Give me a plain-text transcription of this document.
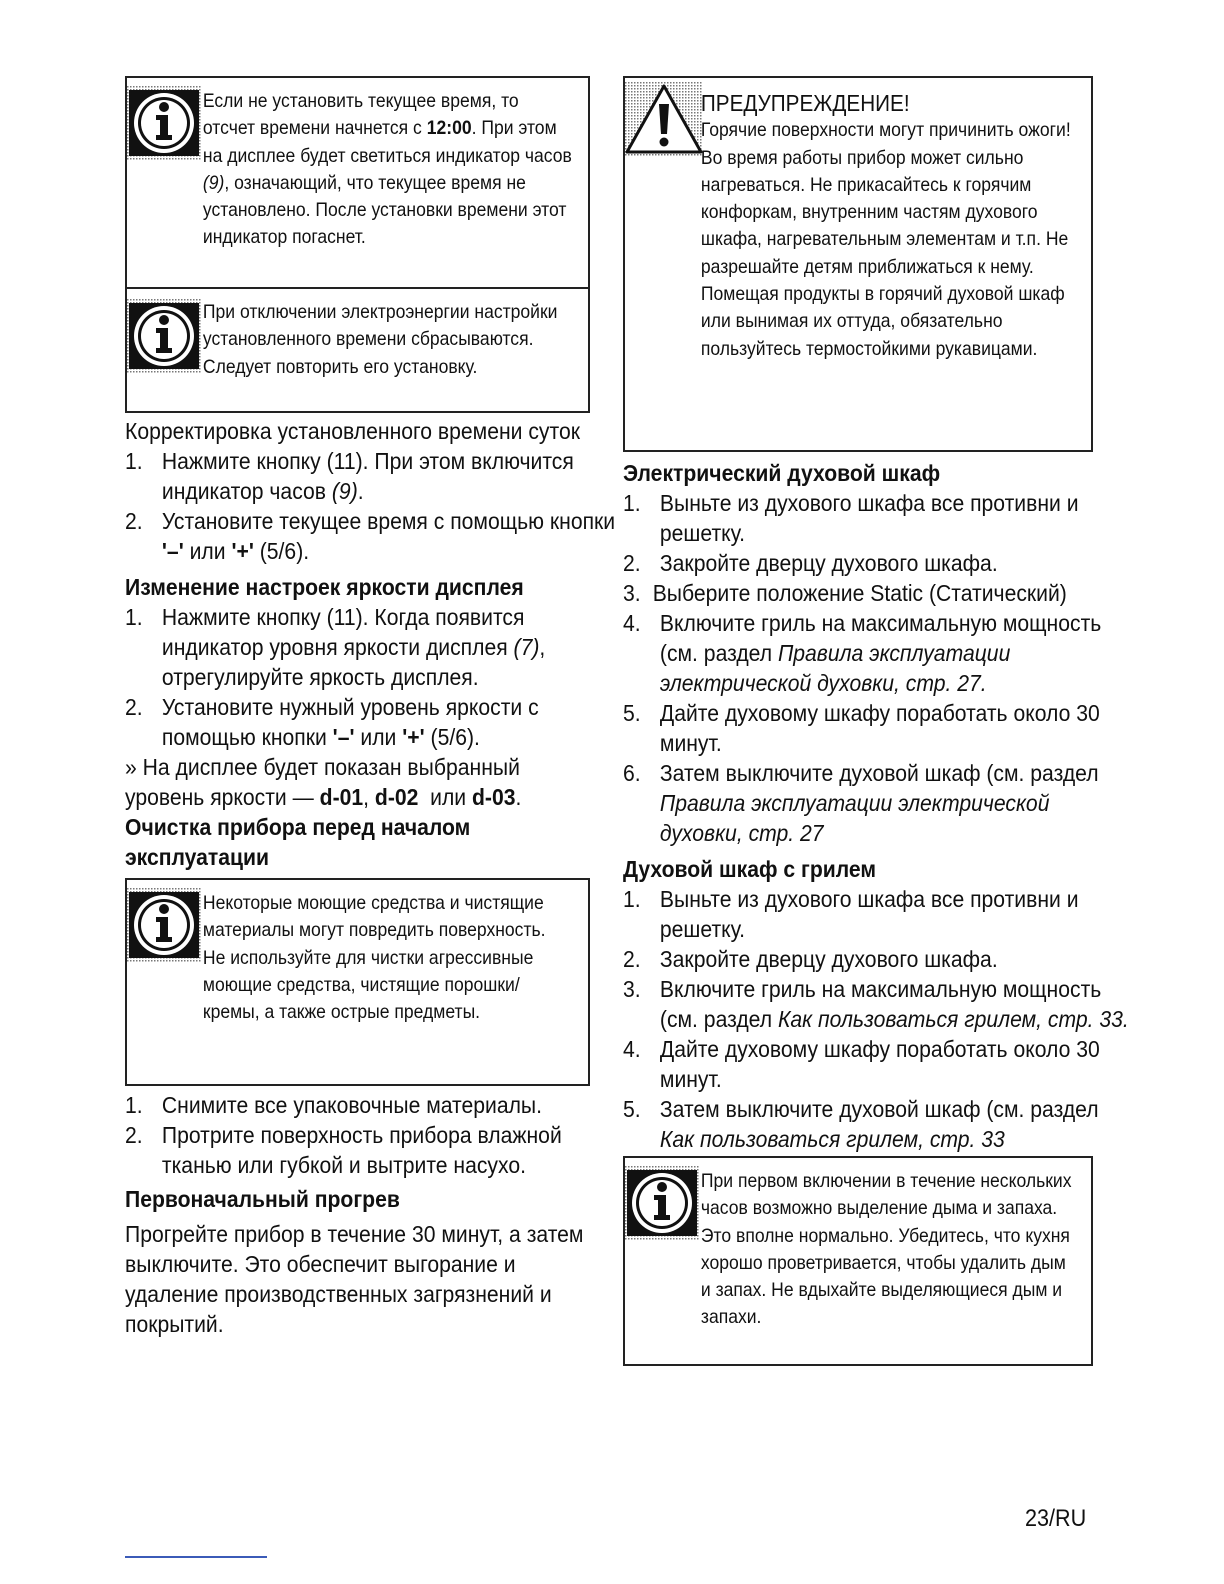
Если не установить текущее время, то отсчет времени начнется с 12:00. При этом на дисплее будет светиться индикатор часов (9), означающий, что текущее время не установлено. После установки времени этот индикатор погаснет.
При отключении электроэнергии настройки установленного времени сбрасываются. Следует повторить его установку.
Корректировка установленного времени суток
1. Нажмите кнопку (11). При этом включится индикатор часов (9).
2. Установите текущее время с помощью кнопки '–' или '+' (5/6).
Изменение настроек яркости дисплея
1. Нажмите кнопку (11). Когда появится индикатор уровня яркости дисплея (7), отрегулируйте яркость дисплея.
2. Установите нужный уровень яркости с помощью кнопки '–' или '+' (5/6).
» На дисплее будет показан выбранный уровень яркости — d-01, d-02  или d-03.
Очистка прибора перед началом эксплуатации
Некоторые моющие средства и чистящие материалы могут повредить поверхность.
Не используйте для чистки агрессивные моющие средства, чистящие порошки/кремы, а также острые предметы.
1. Снимите все упаковочные материалы.
2. Протрите поверхность прибора влажной тканью или губкой и вытрите насухо.
Первоначальный прогрев
Прогрейте прибор в течение 30 минут, а затем выключите. Это обеспечит выгорание и удаление производственных загрязнений и покрытий.
ПРЕДУПРЕЖДЕНИЕ!
Горячие поверхности могут причинить ожоги!
Во время работы прибор может сильно нагреваться. Не прикасайтесь к горячим конфоркам, внутренним частям духового шкафа, нагревательным элементам и т.п. Не разрешайте детям приближаться к нему.
Помещая продукты в горячий духовой шкаф или вынимая их оттуда, обязательно пользуйтесь термостойкими рукавицами.
Электрический духовой шкаф
1. Выньте из духового шкафа все противни и решетку.
2. Закройте дверцу духового шкафа.
3. Выберите положение Static (Статический)
4. Включите гриль на максимальную мощность (см. раздел Правила эксплуатации электрической духовки, стр. 27.
5. Дайте духовому шкафу поработать около 30 минут.
6. Затем выключите духовой шкаф (см. раздел Правила эксплуатации электрической духовки, стр. 27
Духовой шкаф с грилем
1. Выньте из духового шкафа все противни и решетку.
2. Закройте дверцу духового шкафа.
3. Включите гриль на максимальную мощность (см. раздел Как пользоваться грилем, стр. 33.
4. Дайте духовому шкафу поработать около 30 минут.
5. Затем выключите духовой шкаф (см. раздел Как пользоваться грилем, стр. 33
При первом включении в течение нескольких часов возможно выделение дыма и запаха. Это вполне нормально. Убедитесь, что кухня хорошо проветривается, чтобы удалить дым и запах. Не вдыхайте выделяющиеся дым и запахи.
23/RU
